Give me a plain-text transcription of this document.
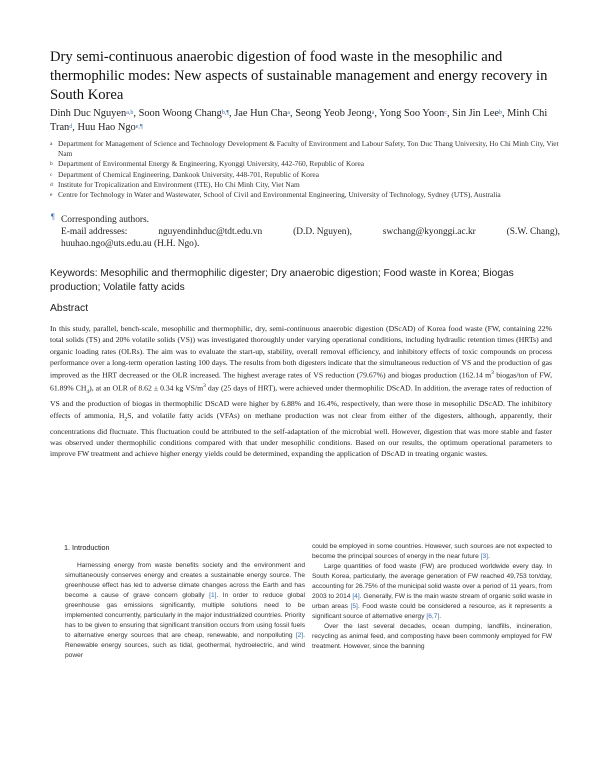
Dry semi-continuous anaerobic digestion of food waste in the mesophilic and thermophilic modes: New aspects of sustainable management and energy recovery in South Korea
Dinh Duc Nguyen$^{a,b}$, Soon Woong Chang$^{b,\P}$, Jae Hun Cha$^a$, Seong Yeob Jeong$^a$, Yong Soo Yoon$^c$, Sin Jin Lee$^b$, Minh Chi Tran$^d$, Huu Hao Ngo$^{e,\P}$
a Department for Management of Science and Technology Development & Faculty of Environment and Labour Safety, Ton Duc Thang University, Ho Chi Minh City, Viet Nam
b Department of Environmental Energy & Engineering, Kyonggi University, 442-760, Republic of Korea
c Department of Chemical Engineering, Dankook University, 448-701, Republic of Korea
d Institute for Tropicalization and Environment (ITE), Ho Chi Minh City, Viet Nam
e Centre for Technology in Water and Wastewater, School of Civil and Environmental Engineering, University of Technology, Sydney (UTS), Australia
¶ Corresponding authors.
E-mail addresses:	nguyendinhduc@tdt.edu.vn	(D.D. Nguyen),	swchang@kyonggi.ac.kr	(S.W. Chang),
huuhao.ngo@uts.edu.au (H.H. Ngo).
Keywords: Mesophilic and thermophilic digester; Dry anaerobic digestion; Food waste in Korea; Biogas production; Volatile fatty acids
Abstract
In this study, parallel, bench-scale, mesophilic and thermophilic, dry, semi-continuous anaerobic digestion (DScAD) of Korea food waste (FW, containing 22% total solids (TS) and 20% volatile solids (VS)) was investigated thoroughly under varying operational conditions, including hydraulic retention times (HRTs) and organic loading rates (OLRs). The aim was to evaluate the start-up, stability, overall removal efficiency, and inhibitory effects of toxic compounds on process performance over a long-term operation lasting 100 days. The results from both digesters indicate that the simultaneous reduction of VS and the production of gas improved as the HRT decreased or the OLR increased. The highest average rates of VS reduction (79.67%) and biogas production (162.14 $m^3$ biogas/ton of FW, 61.89% $CH_4$), at an OLR of 8.62 ± 0.34 kg $VS/m^3$ day (25 days of HRT), were achieved under thermophilic DScAD. In addition, the average rates of reduction of VS and the production of biogas in thermophilic DScAD were higher by 6.88% and 16.4%, respectively, than were those in mesophilic DScAD. The inhibitory effects of ammonia, $H_2S$, and volatile fatty acids (VFAs) on methane production was not clear from either of the digesters, although, apparently, their concentrations did fluctuate. This fluctuation could be attributed to the self-adaptation of the microbial well. However, digestion that was more stable and faster was observed under thermophilic conditions compared with that under mesophilic conditions. Based on our results, the optimum operational parameters to improve FW treatment and achieve higher energy yields could be determined, expanding the application of DScAD in treating organic wastes.
1. Introduction

Harnessing energy from waste benefits society and the environment and simultaneously conserves energy and creates a sustainable energy source. The greenhouse effect has led to adverse climate changes across the Earth and has become a cause of grave concern globally [1]. In order to reduce global greenhouse gas emissions significantly, multiple solutions need to be implemented concurrently, particularly in the major industrialized countries. Priority has to be given to ensuring that significant transition occurs from using fossil fuels to alternative energy sources that are cheap, renewable, and nonpolluting [2]. Renewable energy sources, such as tidal, geothermal, hydroelectric, and wind power

could be employed in some countries. However, such sources are not expected to become the principal sources of energy in the near future [3].

Large quantities of food waste (FW) are produced worldwide every day. In South Korea, particularly, the average generation of FW reached 49,753 ton/day, accounting for 26.75% of the municipal solid waste over a period of 11 years, from 2003 to 2014 [4]. Generally, FW is the main waste stream of organic solid waste in urban areas [5]. Food waste could be considered a resource, as it represents a significant source of alternative energy [6,7].

Over the last several decades, ocean dumping, landfills, incineration, recycling as animal feed, and composting have been commonly employed for FW treatment. However, since the banning
